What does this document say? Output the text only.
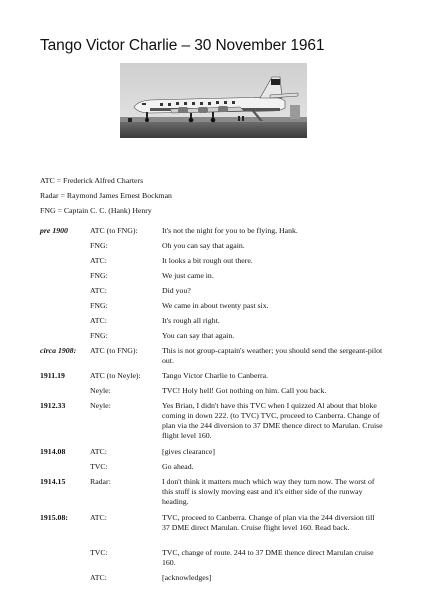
Tango Victor Charlie – 30 November 1961
ATC = Frederick Alfred Charters
Radar = Raymond James Ernest Bockman
FNG = Captain C. C. (Hank) Henry
pre 1900	ATC (to FNG):	It's not the night for you to be flying, Hank.
FNG:	Oh you can say that again.
ATC:	It looks a bit rough out there.
FNG:	We just came in.
ATC:	Did you?
FNG:	We came in about twenty past six.
ATC:	It's rough all right.
FNG:	You can say that again.
circa 1908:	ATC (to FNG):	This is not group-captain's weather; you should send the sergeant-pilot out.
1911.19	ATC (to Neyle):	Tango Victor Charlie to Canberra.
Neyle:	TVC! Holy hell! Got nothing on him. Call you back.
1912.33	Neyle:	Yes Brian, I didn't have this TVC when I quizzed Al about that bloke coming in down 222. (to TVC) TVC, proceed to Canberra. Change of plan via the 244 diversion to 37 DME thence direct to Marulan. Cruise flight level 160.
1914.08	ATC:	[gives clearance]
TVC:	Go ahead.
1914.15	Radar:	I don't think it matters much which way they turn now. The worst of this stuff is slowly moving east and it's either side of the runway heading.
1915.08:	ATC:	TVC, proceed to Canberra. Change of plan via the 244 diversion till 37 DME direct Marulan. Cruise flight level 160. Read back.
TVC:	TVC, change of route. 244 to 37 DME thence direct Marulan cruise 160.
ATC:	[acknowledges]
